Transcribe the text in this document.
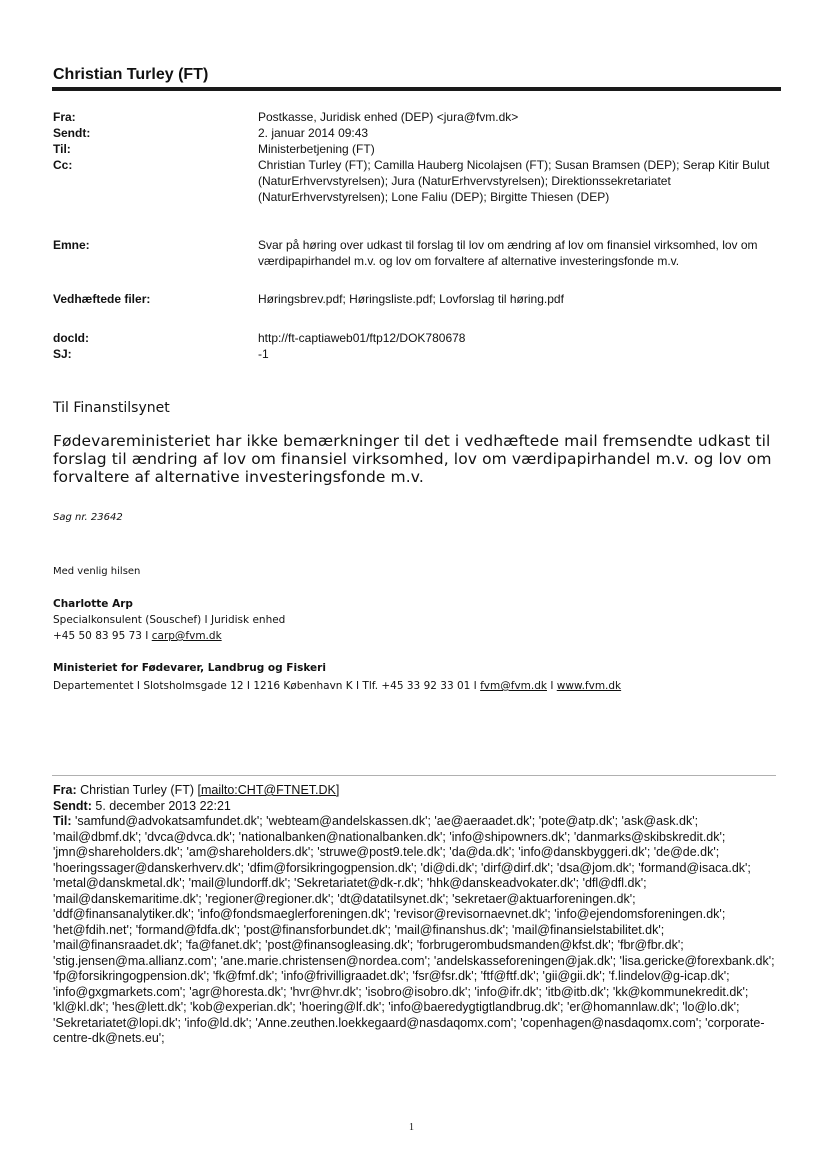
Christian Turley (FT)
Fra:	Postkasse, Juridisk enhed (DEP) <jura@fvm.dk>
Sendt:	2. januar 2014 09:43
Til:	Ministerbetjening (FT)
Cc:	Christian Turley (FT); Camilla Hauberg Nicolajsen (FT); Susan Bramsen (DEP); Serap Kitir Bulut (NaturErhvervstyrelsen); Jura (NaturErhvervstyrelsen); Direktionssekretariatet (NaturErhvervstyrelsen); Lone Faliu (DEP); Birgitte Thiesen (DEP)
Emne:	Svar på høring over udkast til forslag til lov om ændring af lov om finansiel virksomhed, lov om værdipapirhandel m.v. og lov om forvaltere af alternative investeringsfonde m.v.
Vedhæftede filer:	Høringsbrev.pdf; Høringsliste.pdf; Lovforslag til høring.pdf
docId:	http://ft-captiaweb01/ftp12/DOK780678
SJ:	-1
Til Finanstilsynet
Fødevareministeriet har ikke bemærkninger til det i vedhæftede mail fremsendte udkast til forslag til ændring af lov om finansiel virksomhed, lov om værdipapirhandel m.v. og lov om forvaltere af alternative investeringsfonde m.v.
Sag nr. 23642
Med venlig hilsen
Charlotte Arp
Specialkonsulent (Souschef) I Juridisk enhed
+45 50 83 95 73 I carp@fvm.dk
Ministeriet for Fødevarer, Landbrug og Fiskeri
Departementet I Slotsholmsgade 12 I 1216 København K I Tlf. +45 33 92 33 01 I fvm@fvm.dk I www.fvm.dk
Fra: Christian Turley (FT) [mailto:CHT@FTNET.DK]
Sendt: 5. december 2013 22:21
Til: 'samfund@advokatsamfundet.dk'; 'webteam@andelskassen.dk'; 'ae@aeraadet.dk'; 'pote@atp.dk'; 'ask@ask.dk'; 'mail@dbmf.dk'; 'dvca@dvca.dk'; 'nationalbanken@nationalbanken.dk'; 'info@shipowners.dk'; 'danmarks@skibskredit.dk'; 'jmn@shareholders.dk'; 'am@shareholders.dk'; 'struwe@post9.tele.dk'; 'da@da.dk'; 'info@danskbyggeri.dk'; 'de@de.dk'; 'hoeringssager@danskerhverv.dk'; 'dfim@forsikringogpension.dk'; 'di@di.dk'; 'dirf@dirf.dk'; 'dsa@jom.dk'; 'formand@isaca.dk'; 'metal@danskmetal.dk'; 'mail@lundorff.dk'; 'Sekretariatet@dk-r.dk'; 'hhk@danskeadvokater.dk'; 'dfl@dfl.dk'; 'mail@danskemaritime.dk'; 'regioner@regioner.dk'; 'dt@datatilsynet.dk'; 'sekretaer@aktuarforeningen.dk'; 'ddf@finansanalytiker.dk'; 'info@fondsmaeglerforeningen.dk'; 'revisor@revisornaevnet.dk'; 'info@ejendomsforeningen.dk'; 'het@fdih.net'; 'formand@fdfa.dk'; 'post@finansforbundet.dk'; 'mail@finanshus.dk'; 'mail@finansielstabilitet.dk'; 'mail@finansraadet.dk'; 'fa@fanet.dk'; 'post@finansogleasing.dk'; 'forbrugerombudsmanden@kfst.dk'; 'fbr@fbr.dk'; 'stig.jensen@ma.allianz.com'; 'ane.marie.christensen@nordea.com'; 'andelskasseforeningen@jak.dk'; 'lisa.gericke@forexbank.dk'; 'fp@forsikringogpension.dk'; 'fk@fmf.dk'; 'info@frivilligraadet.dk'; 'fsr@fsr.dk'; 'ftf@ftf.dk'; 'gii@gii.dk'; 'f.lindelov@g-icap.dk'; 'info@gxgmarkets.com'; 'agr@horesta.dk'; 'hvr@hvr.dk'; 'isobro@isobro.dk'; 'info@ifr.dk'; 'itb@itb.dk'; 'kk@kommunekredit.dk'; 'kl@kl.dk'; 'hes@lett.dk'; 'kob@experian.dk'; 'hoering@lf.dk'; 'info@baeredygtigtlandbrug.dk'; 'er@homannlaw.dk'; 'lo@lo.dk'; 'Sekretariatet@lopi.dk'; 'info@ld.dk'; 'Anne.zeuthen.loekkegaard@nasdaqomx.com'; 'copenhagen@nasdaqomx.com'; 'corporate-centre-dk@nets.eu';
1
